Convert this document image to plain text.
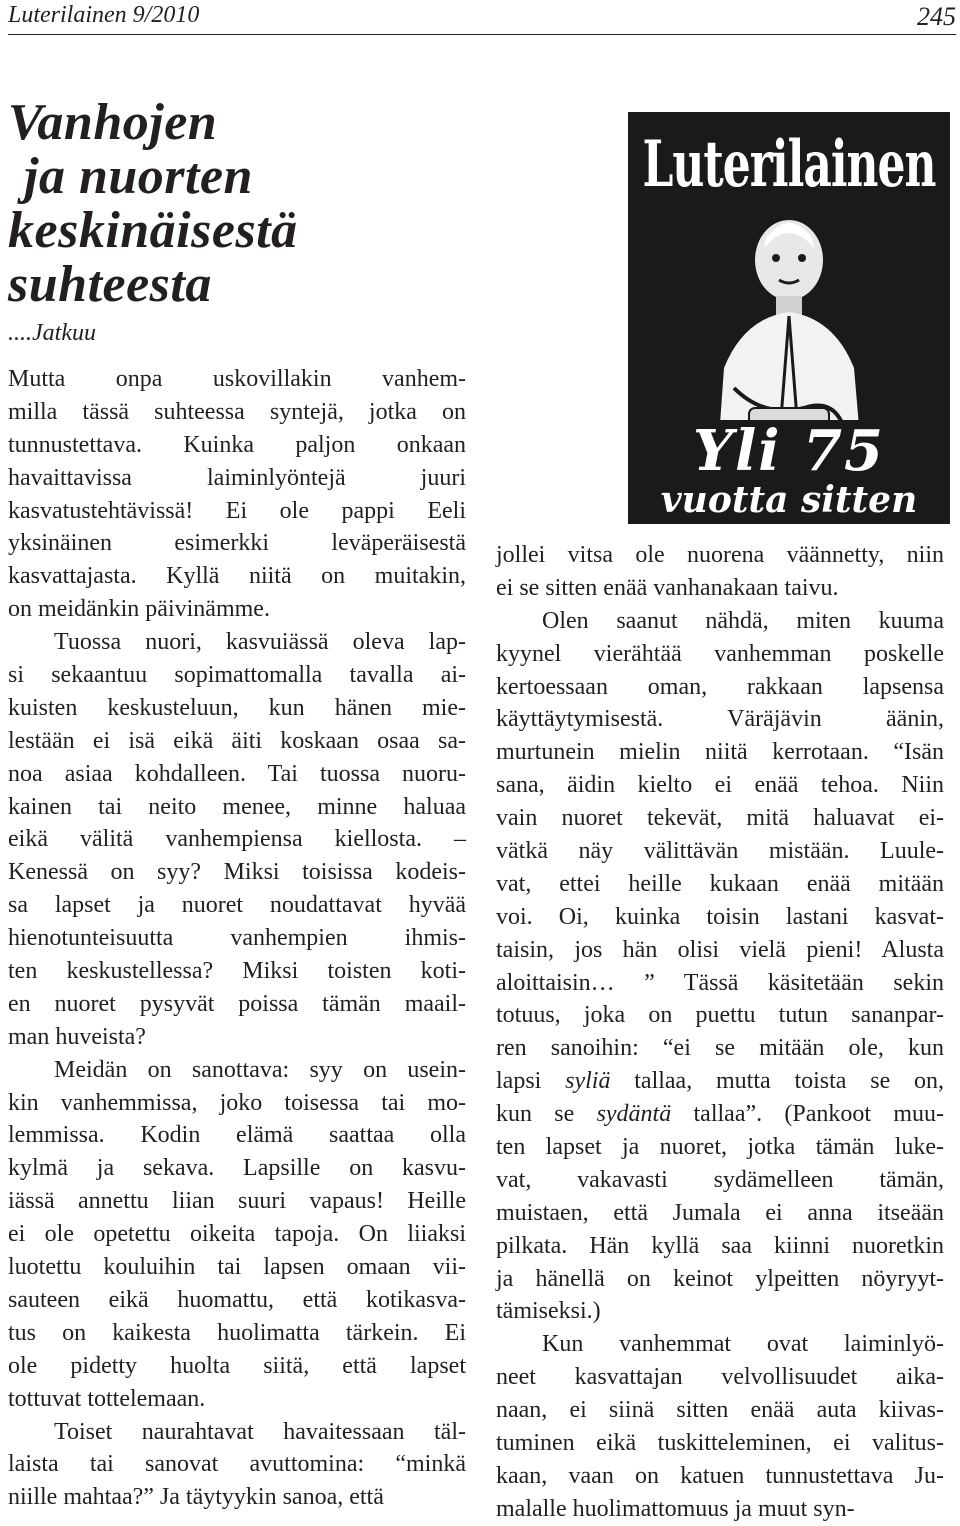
Luterilainen 9/2010	245
Vanhojen
ja nuorten
keskinäisestä
suhteesta
....Jatkuu
Mutta onpa uskovillakin vanhem-
milla tässä suhteessa syntejä, jotka on
tunnustettava. Kuinka paljon onkaan
havaittavissa laiminlyöntejä juuri
kasvatustehtävissä! Ei ole pappi Eeli
yksinäinen esimerkki leväperäisestä
kasvattajasta. Kyllä niitä on muitakin,
on meidänkin päivinämme.
Tuossa nuori, kasvuiässä oleva lap-
si sekaantuu sopimattomalla tavalla ai-
kuisten keskusteluun, kun hänen mie-
lestään ei isä eikä äiti koskaan osaa sa-
noa asiaa kohdalleen. Tai tuossa nuoru-
kainen tai neito menee, minne haluaa
eikä välitä vanhempiensa kiellosta. –
Kenessä on syy? Miksi toisissa kodeis-
sa lapset ja nuoret noudattavat hyvää
hienotunteisuutta vanhempien ihmis-
ten keskustellessa? Miksi toisten koti-
en nuoret pysyvät poissa tämän maail-
man huveista?
Meidän on sanottava: syy on usein-
kin vanhemmissa, joko toisessa tai mo-
lemmissa. Kodin elämä saattaa olla
kylmä ja sekava. Lapsille on kasvu-
iässä annettu liian suuri vapaus! Heille
ei ole opetettu oikeita tapoja. On liiaksi
luotettu kouluihin tai lapsen omaan vii-
sauteen eikä huomattu, että kotikasva-
tus on kaikesta huolimatta tärkein. Ei
ole pidetty huolta siitä, että lapset
tottuvat tottelemaan.
Toiset naurahtavat havaitessaan täl-
laista tai sanovat avuttomina: “minkä
niille mahtaa?” Ja täytyykin sanoa, että
Luterilainen
Yli 75
vuotta sitten
jollei vitsa ole nuorena väännetty, niin
ei se sitten enää vanhanakaan taivu.
Olen saanut nähdä, miten kuuma
kyynel vierähtää vanhemman poskelle
kertoessaan oman, rakkaan lapsensa
käyttäytymisestä. Väräjävin äänin,
murtunein mielin niitä kerrotaan. “Isän
sana, äidin kielto ei enää tehoa. Niin
vain nuoret tekevät, mitä haluavat ei-
vätkä näy välittävän mistään. Luule-
vat, ettei heille kukaan enää mitään
voi. Oi, kuinka toisin lastani kasvat-
taisin, jos hän olisi vielä pieni! Alusta
aloittaisin… ” Tässä käsitetään sekin
totuus, joka on puettu tutun sananpar-
ren sanoihin: “ei se mitään ole, kun
lapsi syliä tallaa, mutta toista se on,
kun se sydäntä tallaa”. (Pankoot muu-
ten lapset ja nuoret, jotka tämän luke-
vat, vakavasti sydämelleen tämän,
muistaen, että Jumala ei anna itseään
pilkata. Hän kyllä saa kiinni nuoretkin
ja hänellä on keinot ylpeitten nöyryyt-
tämiseksi.)
Kun vanhemmat ovat laiminlyö-
neet kasvattajan velvollisuudet aika-
naan, ei siinä sitten enää auta kiivas-
tuminen eikä tuskitteleminen, ei valitus-
kaan, vaan on katuen tunnustettava Ju-
malalle huolimattomuus ja muut syn-
